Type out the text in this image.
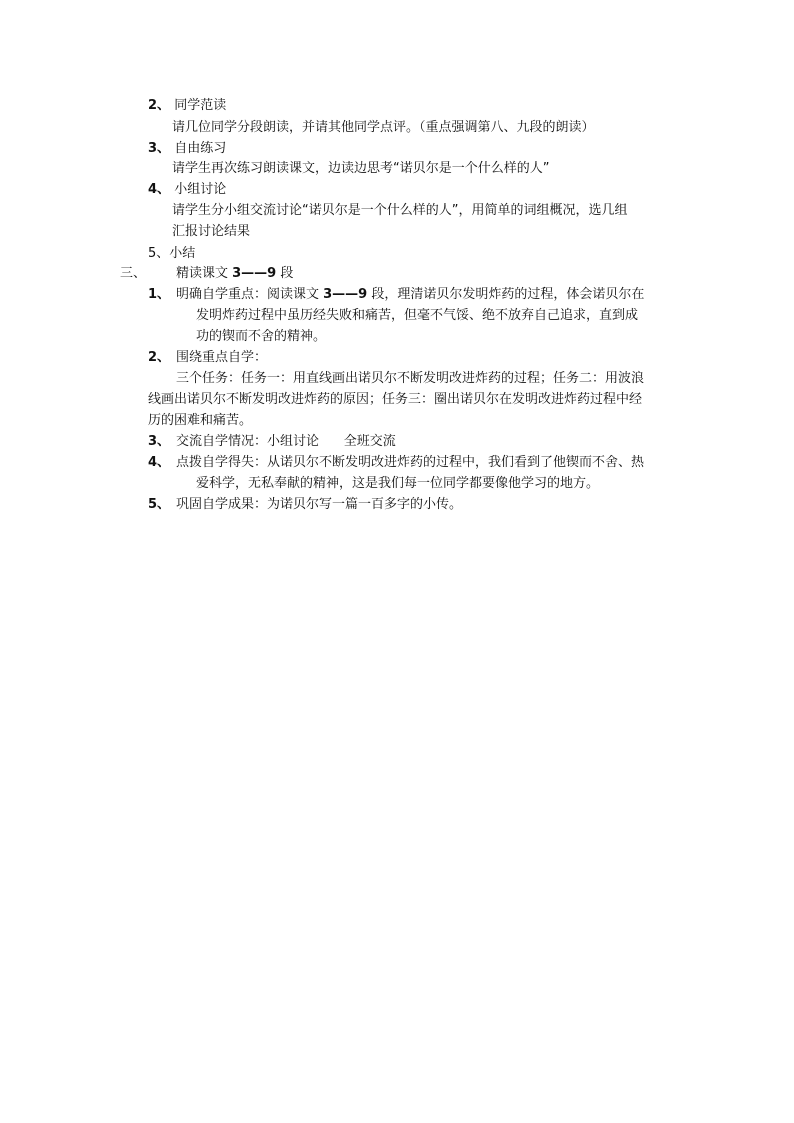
2、 同学范读
请几位同学分段朗读，并请其他同学点评。（重点强调第八、九段的朗读）
3、 自由练习
请学生再次练习朗读课文，边读边思考“诺贝尔是一个什么样的人”
4、 小组讨论
请学生分小组交流讨论“诺贝尔是一个什么样的人”，用简单的词组概况，选几组
汇报讨论结果
5、小结
三、 精读课文 3——9 段
1、 明确自学重点：阅读课文 3——9 段，理清诺贝尔发明炸药的过程，体会诺贝尔在
发明炸药过程中虽历经失败和痛苦，但毫不气馁、绝不放弃自己追求，直到成
功的锲而不舍的精神。
2、 围绕重点自学：
三个任务：任务一：用直线画出诺贝尔不断发明改进炸药的过程；任务二：用波浪
线画出诺贝尔不断发明改进炸药的原因；任务三：圈出诺贝尔在发明改进炸药过程中经
历的困难和痛苦。
3、 交流自学情况：小组讨论      全班交流
4、 点拨自学得失：从诺贝尔不断发明改进炸药的过程中，我们看到了他锲而不舍、热
爱科学，无私奉献的精神，这是我们每一位同学都要像他学习的地方。
5、 巩固自学成果：为诺贝尔写一篇一百多字的小传。
